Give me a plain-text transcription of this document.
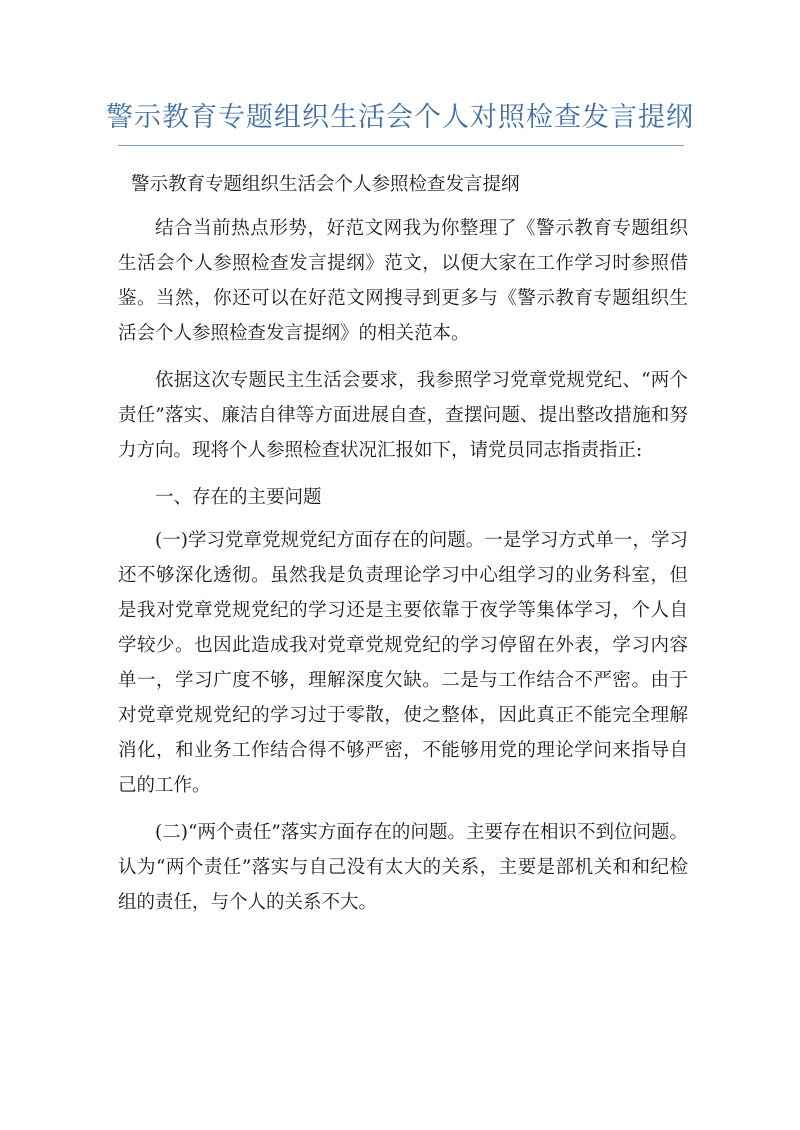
警示教育专题组织生活会个人对照检查发言提纲

警示教育专题组织生活会个人参照检查发言提纲

结合当前热点形势，好范文网我为你整理了《警示教育专题组织生活会个人参照检查发言提纲》范文，以便大家在工作学习时参照借鉴。当然，你还可以在好范文网搜寻到更多与《警示教育专题组织生活会个人参照检查发言提纲》的相关范本。

依据这次专题民主生活会要求，我参照学习党章党规党纪、“两个责任”落实、廉洁自律等方面进展自查，查摆问题、提出整改措施和努力方向。现将个人参照检查状况汇报如下，请党员同志指责指正:

一、存在的主要问题

(一)学习党章党规党纪方面存在的问题。一是学习方式单一，学习还不够深化透彻。虽然我是负责理论学习中心组学习的业务科室，但是我对党章党规党纪的学习还是主要依靠于夜学等集体学习，个人自学较少。也因此造成我对党章党规党纪的学习停留在外表，学习内容单一，学习广度不够，理解深度欠缺。二是与工作结合不严密。由于对党章党规党纪的学习过于零散，使之整体，因此真正不能完全理解消化，和业务工作结合得不够严密，不能够用党的理论学问来指导自己的工作。

(二)“两个责任”落实方面存在的问题。主要存在相识不到位问题。认为“两个责任”落实与自己没有太大的关系，主要是部机关和和纪检组的责任，与个人的关系不大。
